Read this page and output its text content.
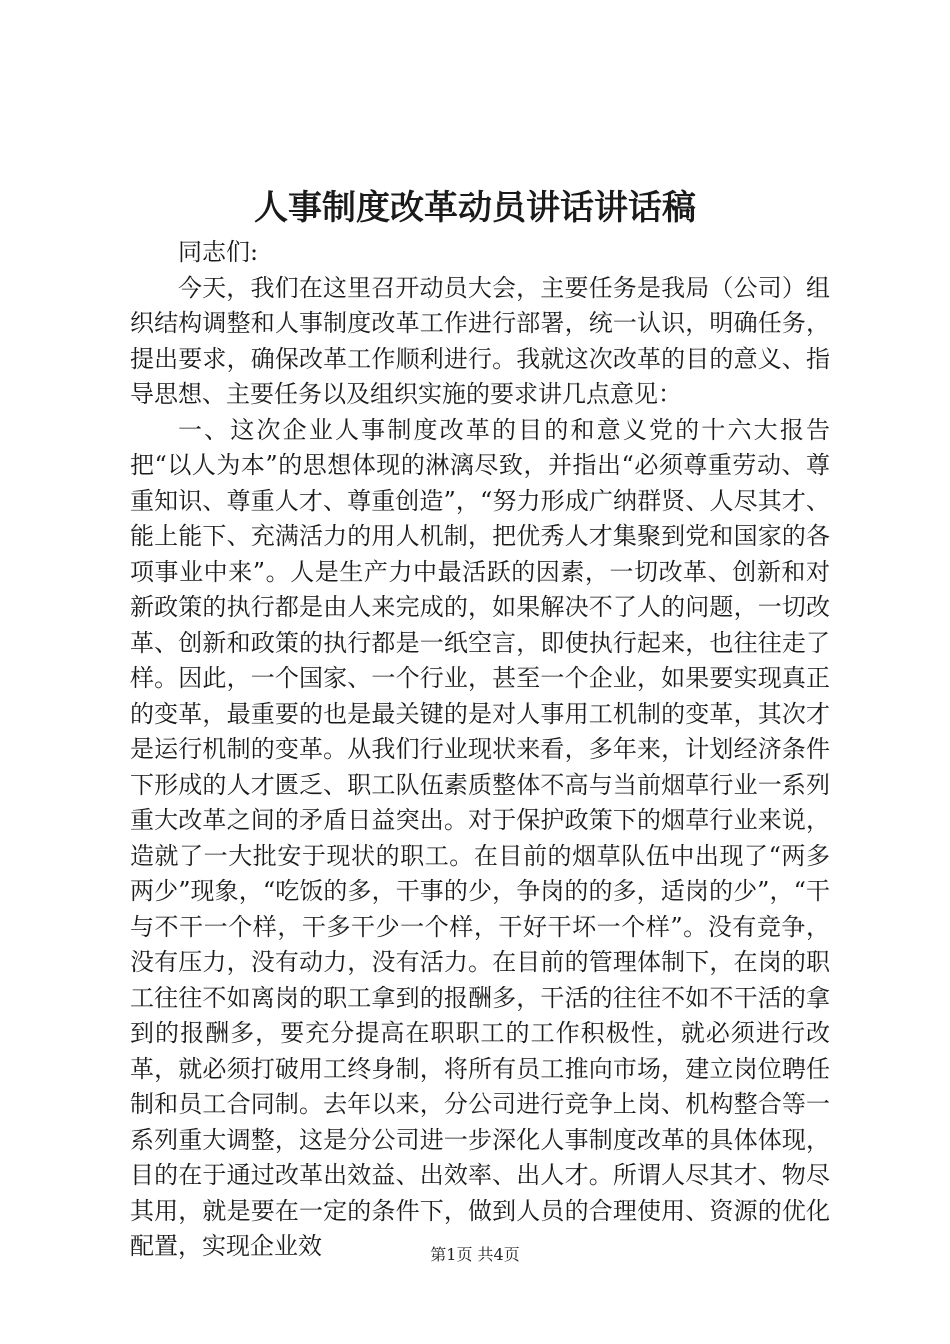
人事制度改革动员讲话讲话稿

同志们:

今天，我们在这里召开动员大会，主要任务是我局（公司）组织结构调整和人事制度改革工作进行部署，统一认识，明确任务，提出要求，确保改革工作顺利进行。我就这次改革的目的意义、指导思想、主要任务以及组织实施的要求讲几点意见：

一、这次企业人事制度改革的目的和意义党的十六大报告把“以人为本”的思想体现的淋漓尽致，并指出“必须尊重劳动、尊重知识、尊重人才、尊重创造”，“努力形成广纳群贤、人尽其才、能上能下、充满活力的用人机制，把优秀人才集聚到党和国家的各项事业中来”。人是生产力中最活跃的因素，一切改革、创新和对新政策的执行都是由人来完成的，如果解决不了人的问题，一切改革、创新和政策的执行都是一纸空言，即使执行起来，也往往走了样。因此，一个国家、一个行业，甚至一个企业，如果要实现真正的变革，最重要的也是最关键的是对人事用工机制的变革，其次才是运行机制的变革。从我们行业现状来看，多年来，计划经济条件下形成的人才匮乏、职工队伍素质整体不高与当前烟草行业一系列重大改革之间的矛盾日益突出。对于保护政策下的烟草行业来说，造就了一大批安于现状的职工。在目前的烟草队伍中出现了“两多两少”现象，“吃饭的多，干事的少，争岗的的多，适岗的少”，“干与不干一个样，干多干少一个样，干好干坏一个样”。没有竞争，没有压力，没有动力，没有活力。在目前的管理体制下，在岗的职工往往不如离岗的职工拿到的报酬多，干活的往往不如不干活的拿到的报酬多，要充分提高在职职工的工作积极性，就必须进行改革，就必须打破用工终身制，将所有员工推向市场，建立岗位聘任制和员工合同制。去年以来，分公司进行竞争上岗、机构整合等一系列重大调整，这是分公司进一步深化人事制度改革的具体体现，目的在于通过改革出效益、出效率、出人才。所谓人尽其才、物尽其用，就是要在一定的条件下，做到人员的合理使用、资源的优化配置，实现企业效	第1页 共4页
